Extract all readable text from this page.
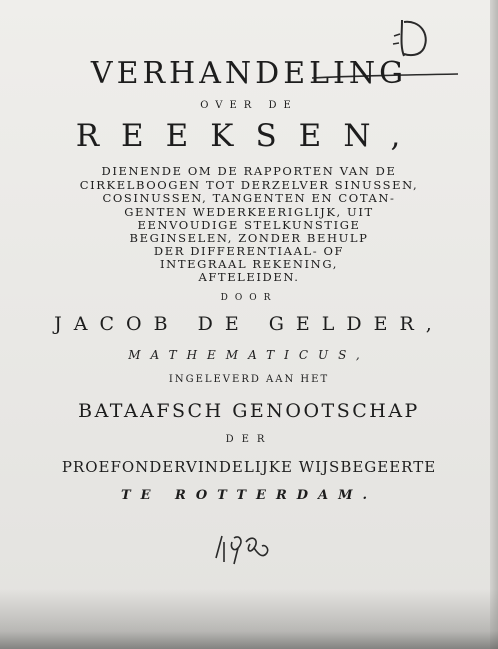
VERHANDELING
OVER DE
REEKSEN,
DIENENDE OM DE RAPPORTEN VAN DE
CIRKELBOOGEN TOT DERZELVER SINUSSEN,
COSINUSSEN, TANGENTEN EN COTAN-
GENTEN WEDERKEERIGLIJK, UIT
EENVOUDIGE STELKUNSTIGE
BEGINSELEN, ZONDER BEHULP
DER DIFFERENTIAAL- OF
INTEGRAAL REKENING,
AFTELEIDEN.
DOOR
JACOB DE GELDER,
MATHEMATICUS,
INGELEVERD AAN HET
BATAAFSCH GENOOTSCHAP
DER
PROEFONDERVINDELIJKE WIJSBEGEERTE
TE ROTTERDAM.
